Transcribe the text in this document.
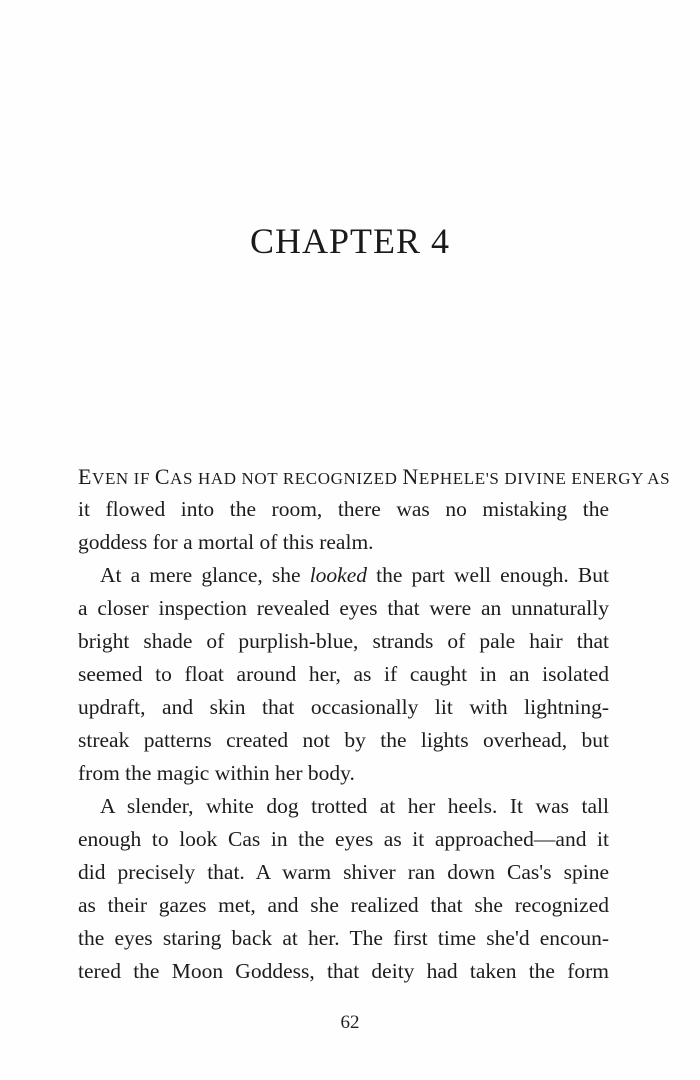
CHAPTER 4
EVEN IF CAS HAD NOT RECOGNIZED NEPHELE'S DIVINE ENERGY AS
it flowed into the room, there was no mistaking the
goddess for a mortal of this realm.
At a mere glance, she looked the part well enough. But
a closer inspection revealed eyes that were an unnaturally
bright shade of purplish-blue, strands of pale hair that
seemed to float around her, as if caught in an isolated
updraft, and skin that occasionally lit with lightning-
streak patterns created not by the lights overhead, but
from the magic within her body.
A slender, white dog trotted at her heels. It was tall
enough to look Cas in the eyes as it approached—and it
did precisely that. A warm shiver ran down Cas's spine
as their gazes met, and she realized that she recognized
the eyes staring back at her. The first time she'd encoun-
tered the Moon Goddess, that deity had taken the form
62
